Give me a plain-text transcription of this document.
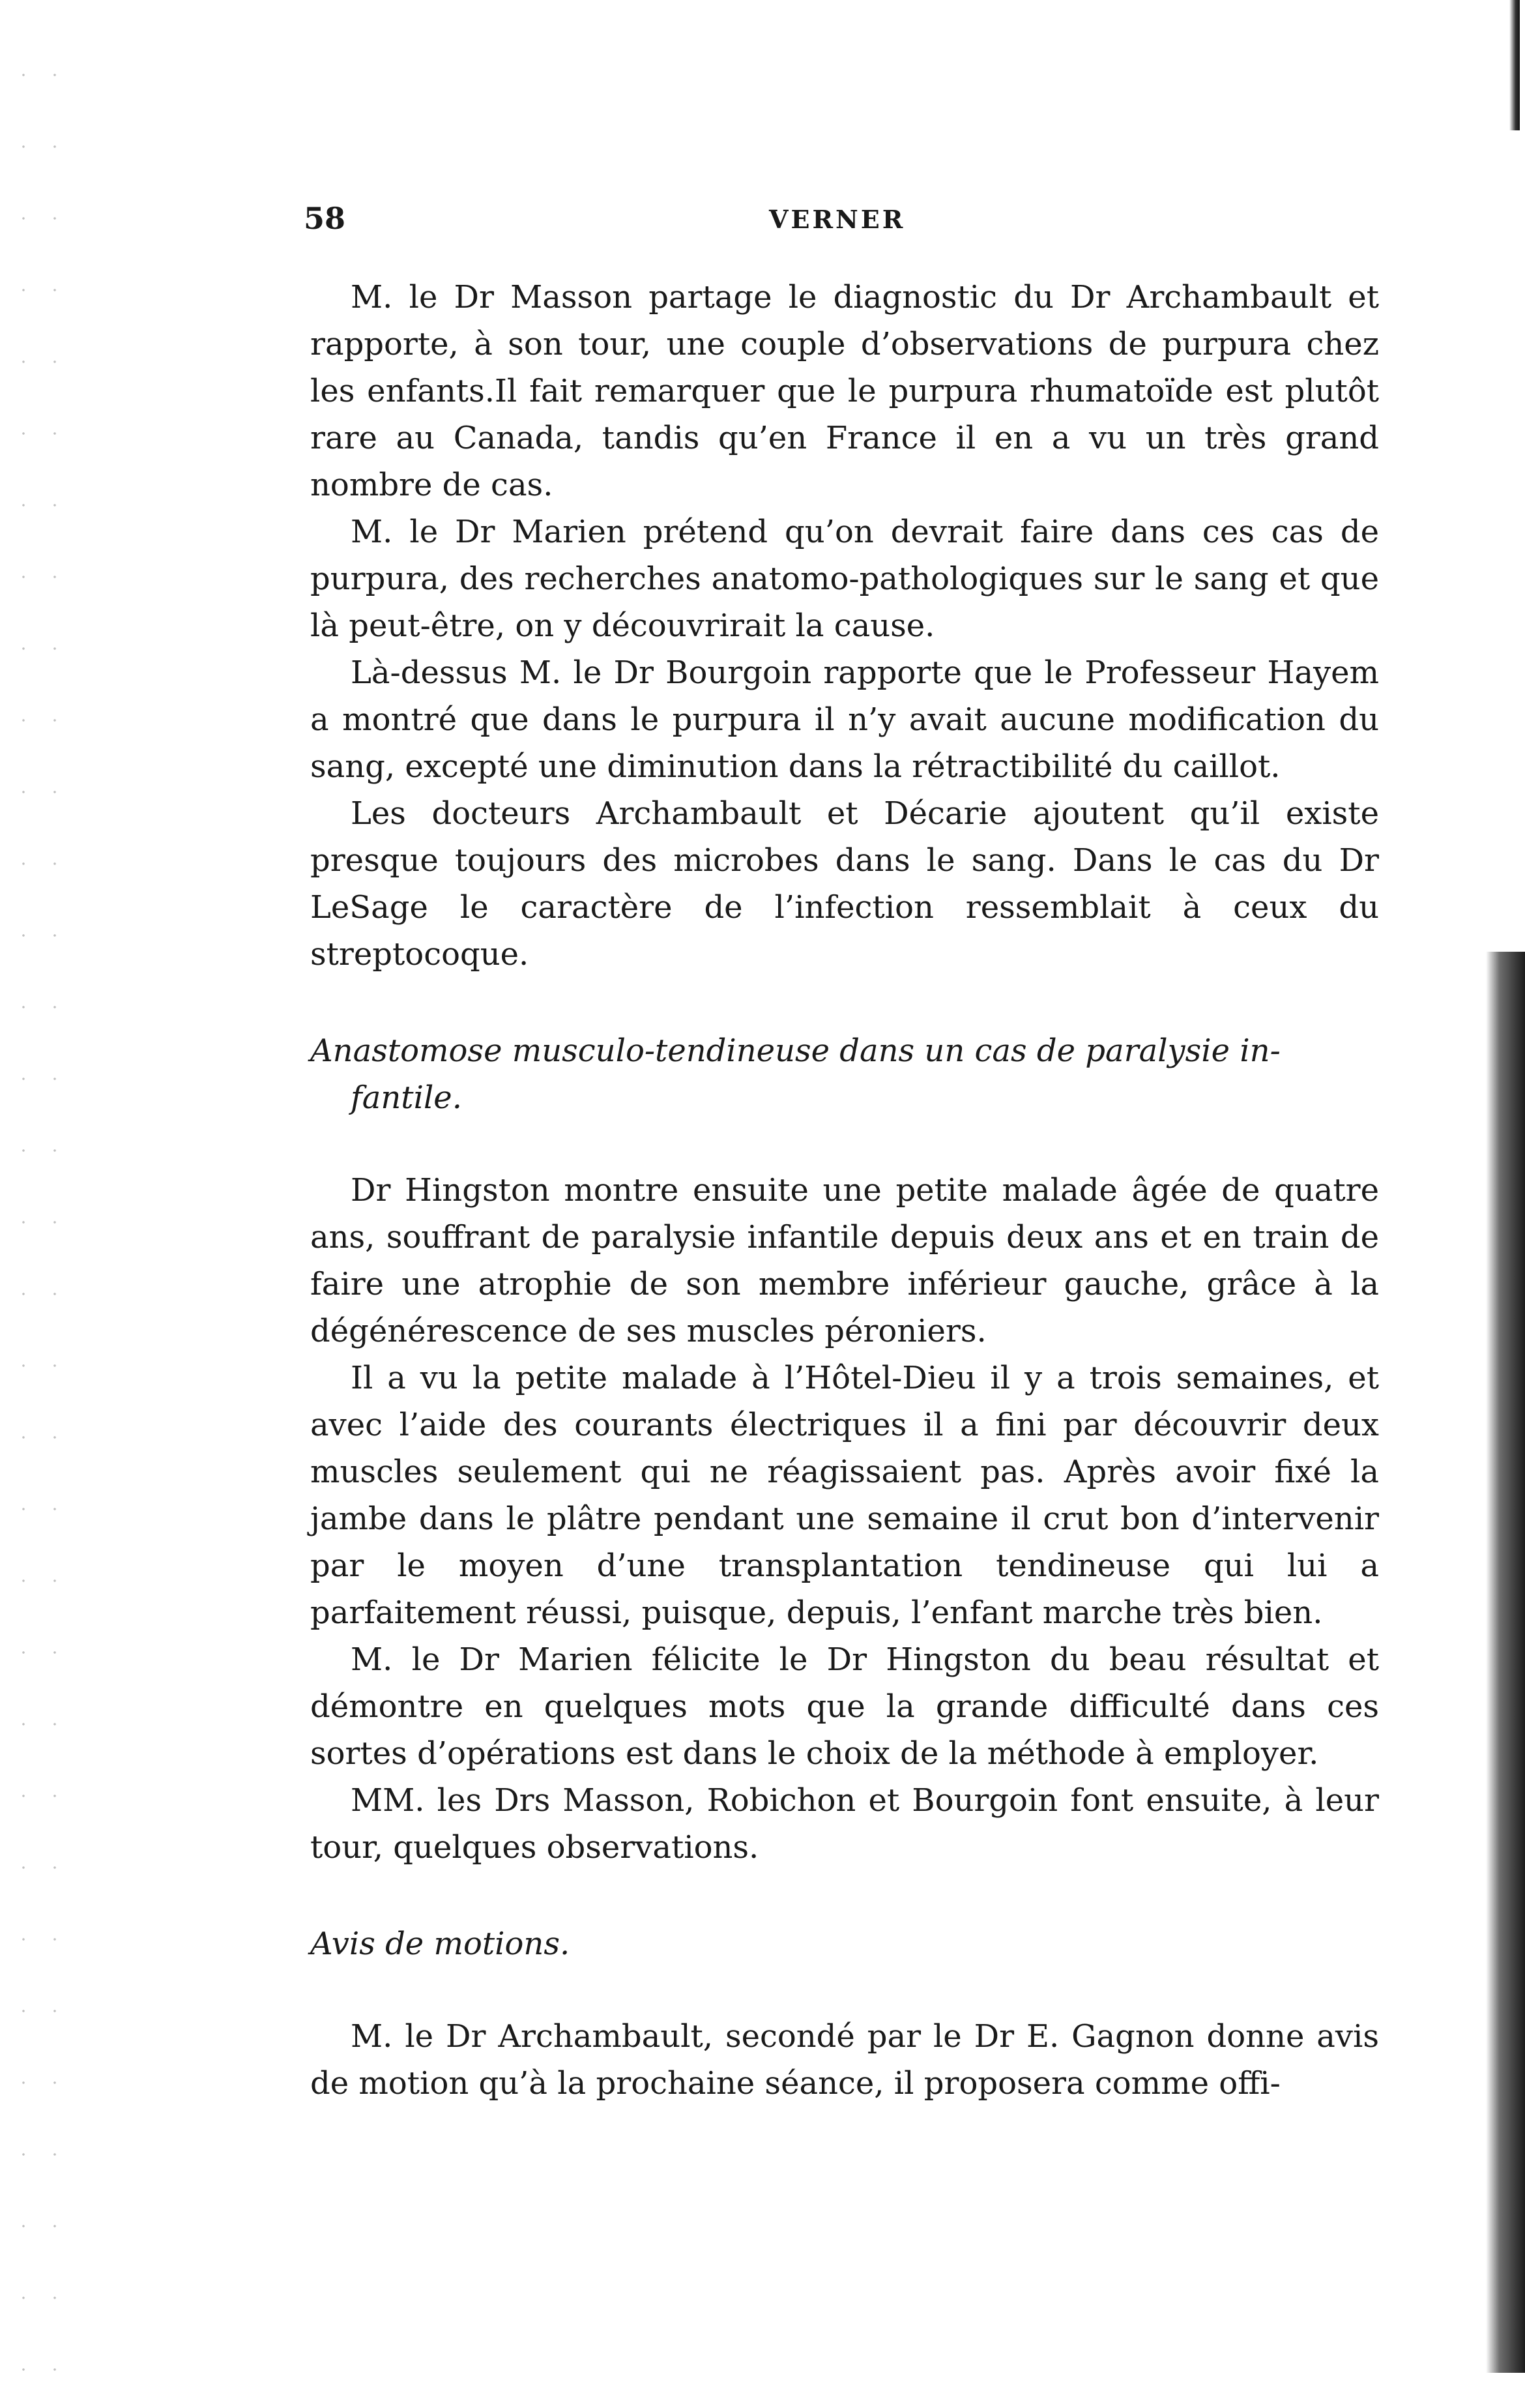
58	VERNER

M. le Dr Masson partage le diagnostic du Dr Archambault et rapporte, à son tour, une couple d’observations de purpura chez les enfants.Il fait remarquer que le purpura rhumatoïde est plutôt rare au Canada, tandis qu’en France il en a vu un très grand nombre de cas.

M. le Dr Marien prétend qu’on devrait faire dans ces cas de purpura, des recherches anatomo-pathologiques sur le sang et que là peut-être, on y découvrirait la cause.

Là-dessus M. le Dr Bourgoin rapporte que le Professeur Hayem a montré que dans le purpura il n’y avait aucune modification du sang, excepté une diminution dans la rétractibilité du caillot.

Les docteurs Archambault et Décarie ajoutent qu’il existe presque toujours des microbes dans le sang. Dans le cas du Dr LeSage le caractère de l’infection ressemblait à ceux du streptocoque.

Anastomose musculo-tendineuse dans un cas de paralysie in-
fantile.

Dr Hingston montre ensuite une petite malade âgée de quatre ans, souffrant de paralysie infantile depuis deux ans et en train de faire une atrophie de son membre inférieur gauche, grâce à la dégénérescence de ses muscles péroniers.

Il a vu la petite malade à l’Hôtel-Dieu il y a trois semaines, et avec l’aide des courants électriques il a fini par découvrir deux muscles seulement qui ne réagissaient pas. Après avoir fixé la jambe dans le plâtre pendant une semaine il crut bon d’intervenir par le moyen d’une transplantation tendineuse qui lui a parfaitement réussi, puisque, depuis, l’enfant marche très bien.

M. le Dr Marien félicite le Dr Hingston du beau résultat et démontre en quelques mots que la grande difficulté dans ces sortes d’opérations est dans le choix de la méthode à employer.

MM. les Drs Masson, Robichon et Bourgoin font ensuite, à leur tour, quelques observations.

Avis de motions.

M. le Dr Archambault, secondé par le Dr E. Gagnon donne avis de motion qu’à la prochaine séance, il proposera comme offi-
